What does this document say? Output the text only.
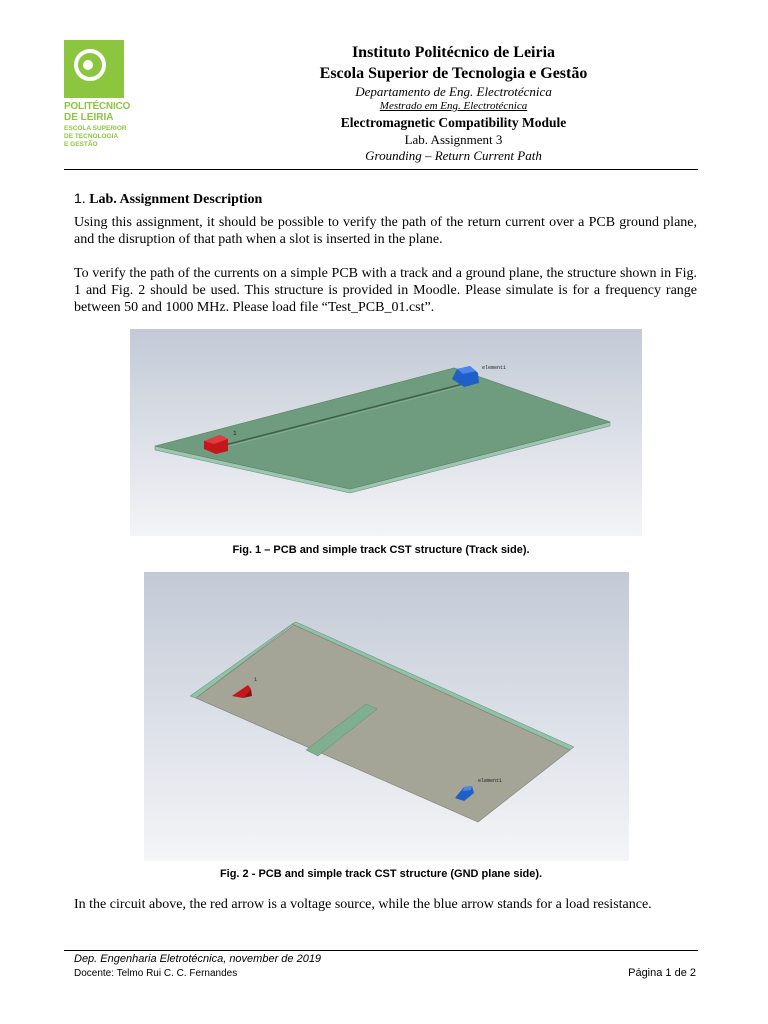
POLITÉCNICO
DE LEIRIA
ESCOLA SUPERIOR
DE TECNOLOGIA
E GESTÃO
Instituto Politécnico de Leiria
Escola Superior de Tecnologia e Gestão
Departamento de Eng. Electrotécnica
Mestrado em Eng. Electrotécnica
Electromagnetic Compatibility Module
Lab. Assignment 3
Grounding – Return Current Path
1. Lab. Assignment Description
Using this assignment, it should be possible to verify the path of the return current over a PCB ground plane, and the disruption of that path when a slot is inserted in the plane.
To verify the path of the currents on a simple PCB with a track and a ground plane, the structure shown in Fig. 1 and Fig. 2 should be used. This structure is provided in Moodle. Please simulate is for a frequency range between 50 and 1000 MHz. Please load file “Test_PCB_01.cst”.
1
element1
Fig. 1 – PCB and simple track CST structure (Track side).
1
element1
Fig. 2 - PCB and simple track CST structure (GND plane side).
In the circuit above, the red arrow is a voltage source, while the blue arrow stands for a load resistance.
Dep. Engenharia Eletrotécnica, november de 2019
Docente: Telmo Rui C. C. Fernandes	Página 1 de 2
